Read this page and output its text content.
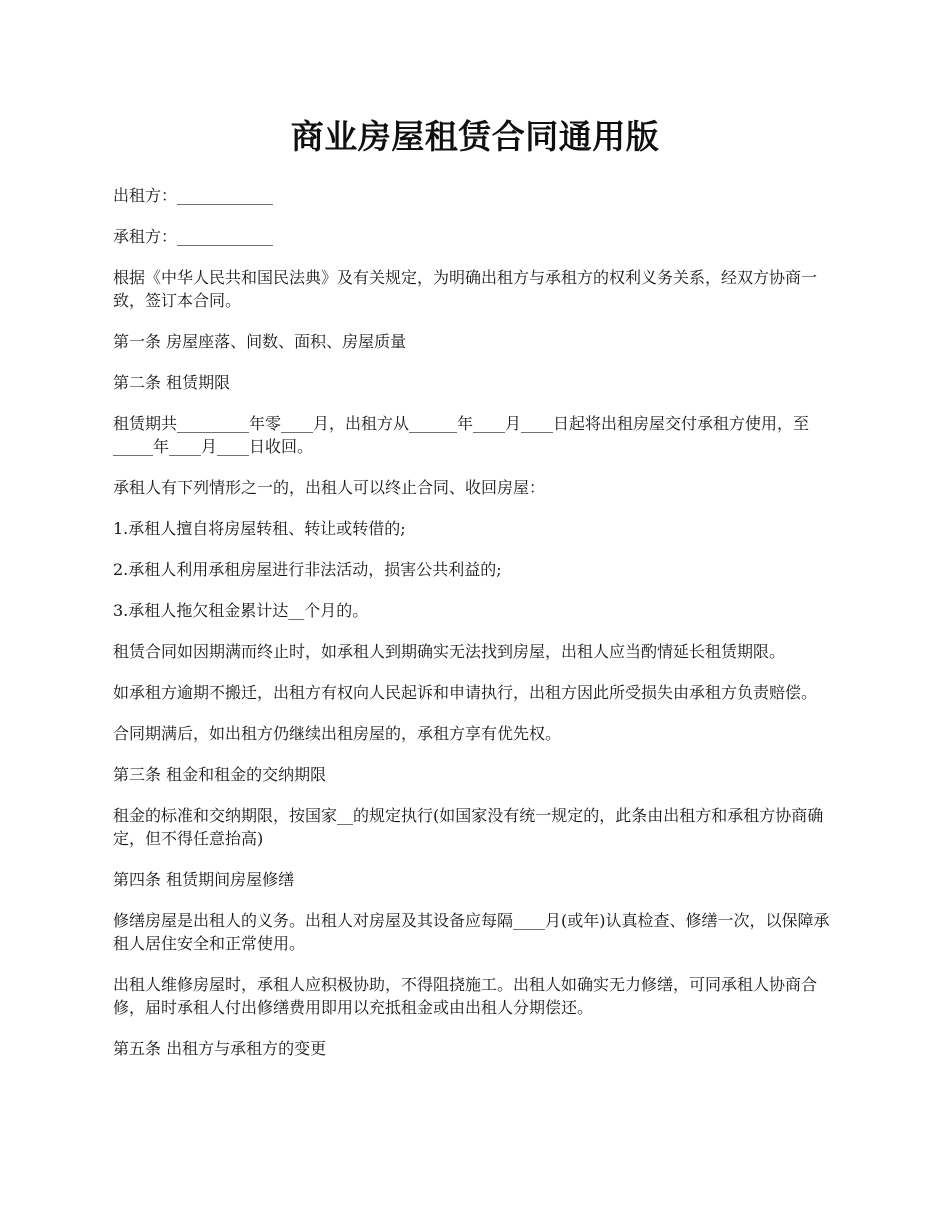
商业房屋租赁合同通用版

出租方：____________

承租方：____________

根据《中华人民共和国民法典》及有关规定，为明确出租方与承租方的权利义务关系，经双方协商一致，签订本合同。

第一条 房屋座落、间数、面积、房屋质量

第二条 租赁期限

租赁期共_________年零____月，出租方从______年____月____日起将出租房屋交付承租方使用，至_____年____月____日收回。

承租人有下列情形之一的，出租人可以终止合同、收回房屋：

1.承租人擅自将房屋转租、转让或转借的;

2.承租人利用承租房屋进行非法活动，损害公共利益的;

3.承租人拖欠租金累计达__个月的。

租赁合同如因期满而终止时，如承租人到期确实无法找到房屋，出租人应当酌情延长租赁期限。

如承租方逾期不搬迁，出租方有权向人民起诉和申请执行，出租方因此所受损失由承租方负责赔偿。

合同期满后，如出租方仍继续出租房屋的，承租方享有优先权。

第三条 租金和租金的交纳期限

租金的标准和交纳期限，按国家__的规定执行(如国家没有统一规定的，此条由出租方和承租方协商确定，但不得任意抬高)

第四条 租赁期间房屋修缮

修缮房屋是出租人的义务。出租人对房屋及其设备应每隔____月(或年)认真检查、修缮一次，以保障承租人居住安全和正常使用。

出租人维修房屋时，承租人应积极协助，不得阻挠施工。出租人如确实无力修缮，可同承租人协商合修，届时承租人付出修缮费用即用以充抵租金或由出租人分期偿还。

第五条 出租方与承租方的变更
